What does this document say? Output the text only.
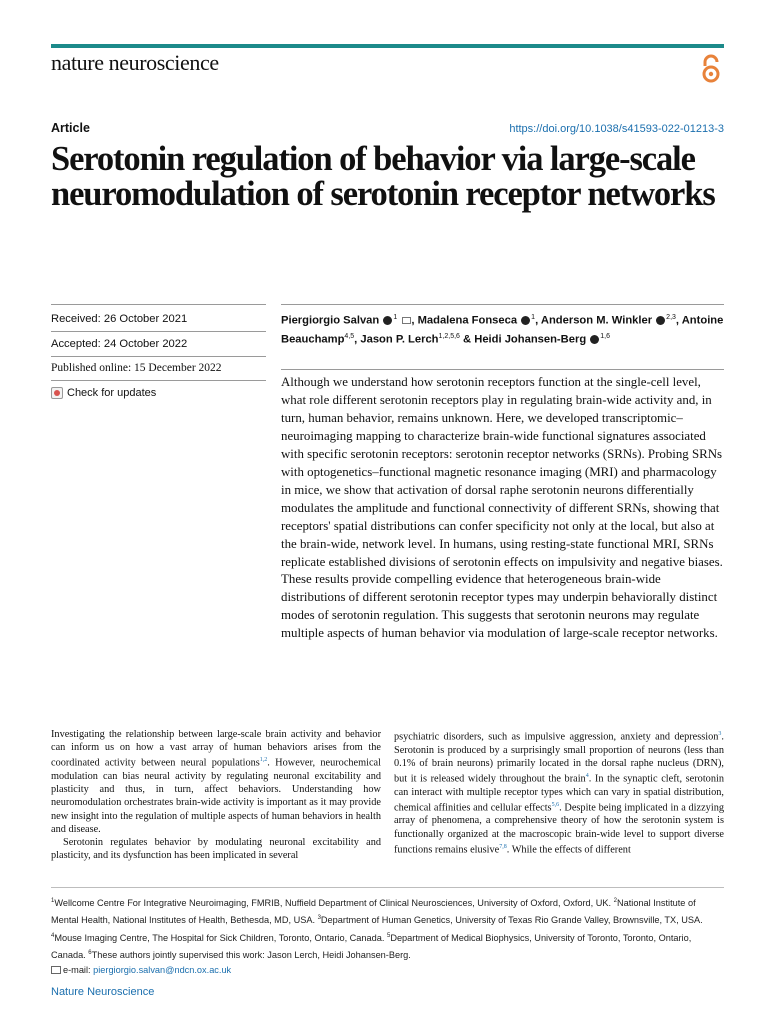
nature neuroscience
Article	https://doi.org/10.1038/s41593-022-01213-3
Serotonin regulation of behavior via large-scale neuromodulation of serotonin receptor networks
Received: 26 October 2021
Accepted: 24 October 2022
Published online: 15 December 2022
Check for updates
Piergiorgio Salvan $^1$ , Madalena Fonseca $^1$, Anderson M. Winkler $^{2,3}$, Antoine Beauchamp$^{4,5}$, Jason P. Lerch$^{1,2,5,6}$ & Heidi Johansen-Berg $^{1,6}$
Although we understand how serotonin receptors function at the single-cell level, what role different serotonin receptors play in regulating brain-wide activity and, in turn, human behavior, remains unknown. Here, we developed transcriptomic–neuroimaging mapping to characterize brain-wide functional signatures associated with specific serotonin receptors: serotonin receptor networks (SRNs). Probing SRNs with optogenetics–functional magnetic resonance imaging (MRI) and pharmacology in mice, we show that activation of dorsal raphe serotonin neurons differentially modulates the amplitude and functional connectivity of different SRNs, showing that receptors' spatial distributions can confer specificity not only at the local, but also at the brain-wide, network level. In humans, using resting-state functional MRI, SRNs replicate established divisions of serotonin effects on impulsivity and negative biases. These results provide compelling evidence that heterogeneous brain-wide distributions of different serotonin receptor types may underpin behaviorally distinct modes of serotonin regulation. This suggests that serotonin neurons may regulate multiple aspects of human behavior via modulation of large-scale receptor networks.

Investigating the relationship between large-scale brain activity and behavior can inform us on how a vast array of human behaviors arises from the coordinated activity between neural populations$^{1,2}$. However, neurochemical modulation can bias neural activity by regulating neuronal excitability and plasticity and thus, in turn, affect behaviors. Understanding how neuromodulation orchestrates brain-wide activity is important as it may provide new insight into the regulation of multiple aspects of human behaviors in health and disease.

Serotonin regulates behavior by modulating neuronal excitability and plasticity, and its dysfunction has been implicated in several

psychiatric disorders, such as impulsive aggression, anxiety and depression$^3$. Serotonin is produced by a surprisingly small proportion of neurons (less than 0.1% of brain neurons) primarily located in the dorsal raphe nucleus (DRN), but it is released widely throughout the brain$^4$. In the synaptic cleft, serotonin can interact with multiple receptor types which can vary in spatial distribution, chemical affinities and cellular effects$^{5,6}$. Despite being implicated in a dizzying array of phenomena, a comprehensive theory of how the serotonin system is functionally organized at the macroscopic brain-wide level to support diverse functions remains elusive$^{7,8}$. While the effects of different

$^1$Wellcome Centre For Integrative Neuroimaging, FMRIB, Nuffield Department of Clinical Neurosciences, University of Oxford, Oxford, UK. $^2$National Institute of Mental Health, National Institutes of Health, Bethesda, MD, USA. $^3$Department of Human Genetics, University of Texas Rio Grande Valley, Brownsville, TX, USA. $^4$Mouse Imaging Centre, The Hospital for Sick Children, Toronto, Ontario, Canada. $^5$Department of Medical Biophysics, University of Toronto, Toronto, Ontario, Canada. $^6$These authors jointly supervised this work: Jason Lerch, Heidi Johansen-Berg.
e-mail: piergiorgio.salvan@ndcn.ox.ac.uk
Nature Neuroscience
